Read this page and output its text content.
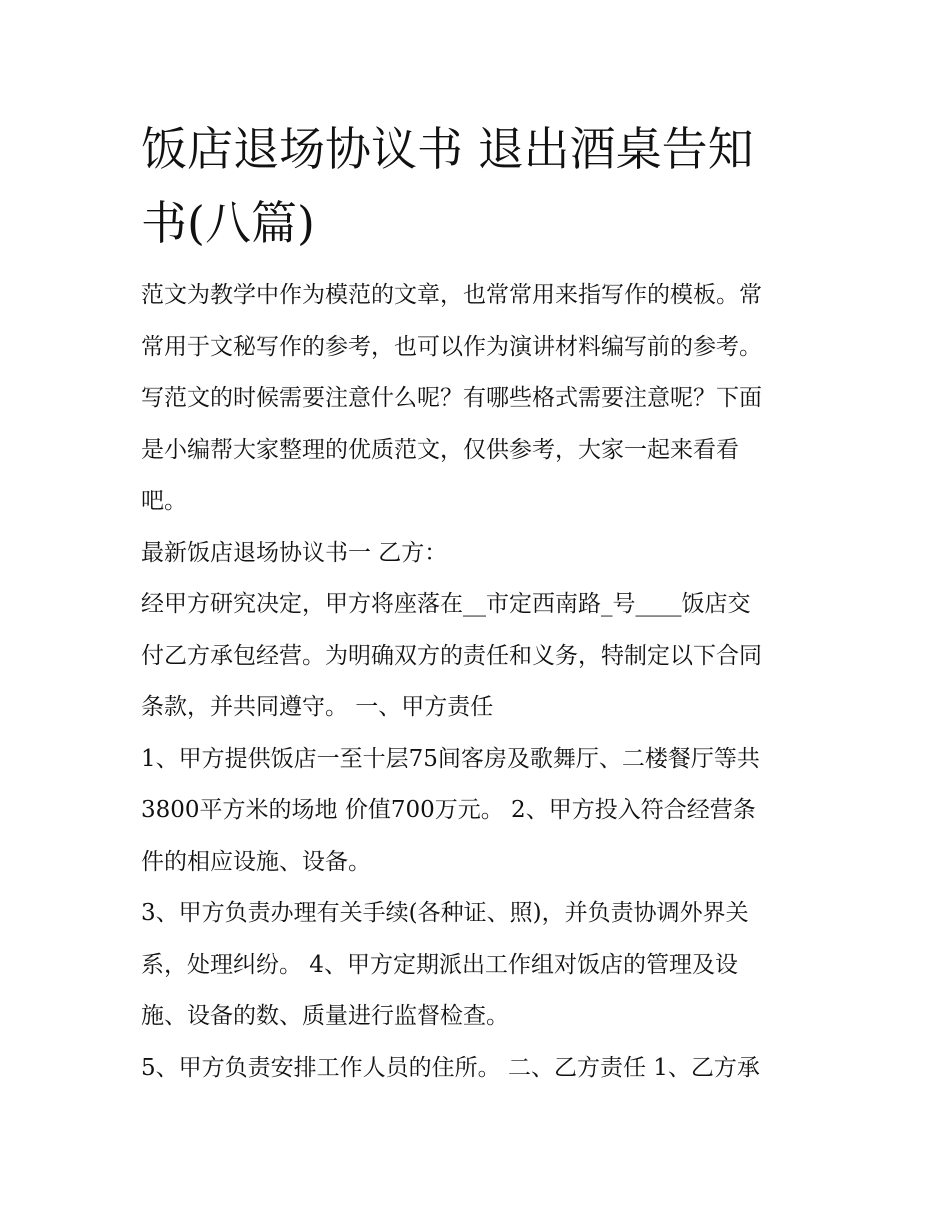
饭店退场协议书 退出酒桌告知
书(八篇)
范文为教学中作为模范的文章，也常常用来指写作的模板。常
常用于文秘写作的参考，也可以作为演讲材料编写前的参考。
写范文的时候需要注意什么呢？有哪些格式需要注意呢？下面
是小编帮大家整理的优质范文，仅供参考，大家一起来看看
吧。
最新饭店退场协议书一 乙方：
经甲方研究决定，甲方将座落在__市定西南路_号____饭店交
付乙方承包经营。为明确双方的责任和义务，特制定以下合同
条款，并共同遵守。 一、甲方责任
1、甲方提供饭店一至十层75间客房及歌舞厅、二楼餐厅等共
3800平方米的场地 价值700万元。 2、甲方投入符合经营条
件的相应设施、设备。
3、甲方负责办理有关手续(各种证、照)，并负责协调外界关
系，处理纠纷。 4、甲方定期派出工作组对饭店的管理及设
施、设备的数、质量进行监督检查。
5、甲方负责安排工作人员的住所。 二、乙方责任 1、乙方承
